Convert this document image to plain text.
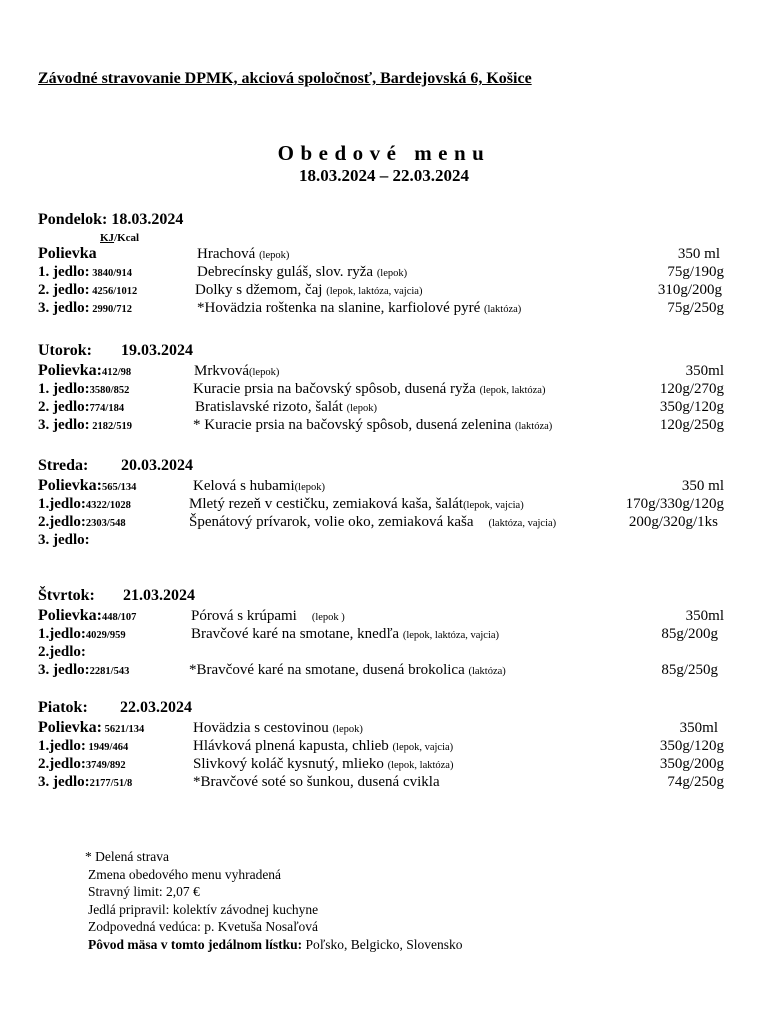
Závodné stravovanie DPMK, akciová spoločnosť, Bardejovská 6, Košice
Obedové menu
18.03.2024 – 22.03.2024
Pondelok: 18.03.2024
KJ/Kcal
Polievka	Hrachová (lepok)	350 ml
1. jedlo: 3840/914	Debrecínsky guláš, slov. ryža (lepok)	75g/190g
2. jedlo: 4256/1012	Dolky s džemom, čaj (lepok, laktóza, vajcia)	310g/200g
3. jedlo: 2990/712	*Hovädzia roštenka na slanine, karfiolové pyré (laktóza)	75g/250g
Utorok: 19.03.2024
Polievka:412/98	Mrkvová(lepok)	350ml
1. jedlo:3580/852	Kuracie prsia na bačovský spôsob, dusená ryža (lepok, laktóza)	120g/270g
2. jedlo:774/184	Bratislavské rizoto, šalát (lepok)	350g/120g
3. jedlo: 2182/519	* Kuracie prsia na bačovský spôsob, dusená zelenina (laktóza)	120g/250g
Streda: 20.03.2024
Polievka:565/134	Kelová s hubami(lepok)	350 ml
1.jedlo:4322/1028	Mletý rezeň v cestičku, zemiaková kaša, šalát(lepok, vajcia)	170g/330g/120g
2.jedlo:2303/548	Špenátový prívarok, volie oko, zemiaková kaša (laktóza, vajcia)	200g/320g/1ks
3. jedlo:
Štvrtok: 21.03.2024
Polievka:448/107	Pórová s krúpami (lepok )	350ml
1.jedlo:4029/959	Bravčové karé na smotane, knedľa (lepok, laktóza, vajcia)	85g/200g
2.jedlo:
3. jedlo:2281/543	*Bravčové karé na smotane, dusená brokolica (laktóza)	85g/250g
Piatok: 22.03.2024
Polievka: 5621/134	Hovädzia s cestovinou (lepok)	350ml
1.jedlo: 1949/464	Hlávková plnená kapusta, chlieb (lepok, vajcia)	350g/120g
2.jedlo:3749/892	Slivkový koláč kysnutý, mlieko (lepok, laktóza)	350g/200g
3. jedlo:2177/51/8	*Bravčové soté so šunkou, dusená cvikla	74g/250g
* Delená strava
Zmena obedového menu vyhradená
Stravný limit: 2,07 €
Jedlá pripravil: kolektív závodnej kuchyne
Zodpovedná vedúca: p. Kvetuša Nosaľová
Pôvod mäsa v tomto jedálnom lístku: Poľsko, Belgicko, Slovensko
